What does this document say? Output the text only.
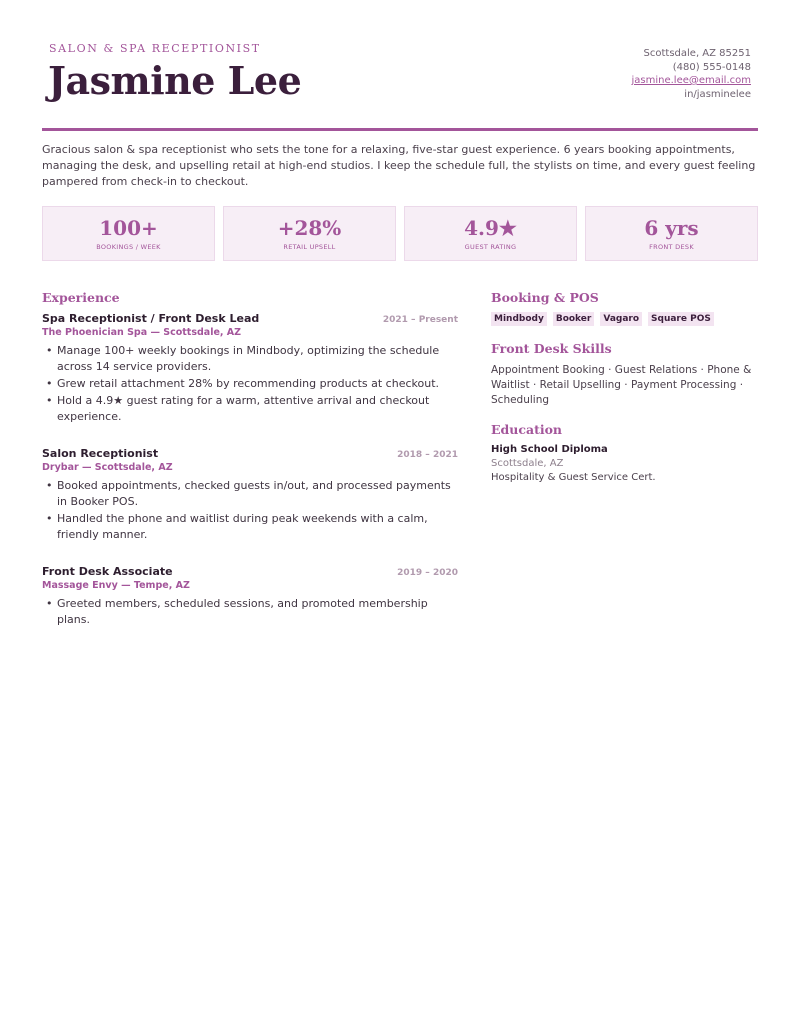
SALON & SPA RECEPTIONIST
Jasmine Lee
Scottsdale, AZ 85251
(480) 555-0148
jasmine.lee@email.com
in/jasminelee

Gracious salon & spa receptionist who sets the tone for a relaxing, five-star guest experience. 6 years booking appointments, managing the desk, and upselling retail at high-end studios. I keep the schedule full, the stylists on time, and every guest feeling pampered from check-in to checkout.

100+
BOOKINGS / WEEK
+28%
RETAIL UPSELL
4.9★
GUEST RATING
6 yrs
FRONT DESK
Experience
Spa Receptionist / Front Desk Lead	2021 – Present
The Phoenician Spa — Scottsdale, AZ
• Manage 100+ weekly bookings in Mindbody, optimizing the schedule across 14 service providers.
• Grew retail attachment 28% by recommending products at checkout.
• Hold a 4.9★ guest rating for a warm, attentive arrival and checkout experience.
Salon Receptionist	2018 – 2021
Drybar — Scottsdale, AZ
• Booked appointments, checked guests in/out, and processed payments in Booker POS.
• Handled the phone and waitlist during peak weekends with a calm, friendly manner.
Front Desk Associate	2019 – 2020
Massage Envy — Tempe, AZ
• Greeted members, scheduled sessions, and promoted membership plans.
Booking & POS
Mindbody	Booker	Vagaro	Square POS
Front Desk Skills

Appointment Booking · Guest Relations · Phone & Waitlist · Retail Upselling · Payment Processing · Scheduling

Education
High School Diploma
Scottsdale, AZ
Hospitality & Guest Service Cert.
